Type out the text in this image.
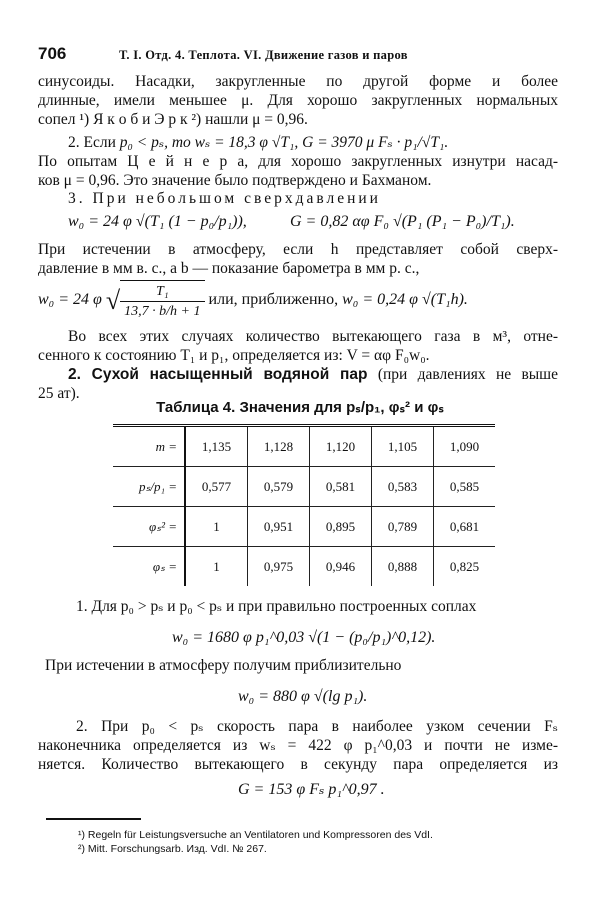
706	Т. I. Отд. 4. Теплота. VI. Движение газов и паров
синусоиды. Насадки, закругленные по другой форме и более
длинные, имели меньшее μ. Для хорошо закругленных нормальных
сопел ¹) Я к о б и Э р к ²) нашли μ = 0,96.
2. Если p₀ < pₛ, то wₛ = 18,3 φ √T₁, G = 3970 μ Fₛ · p₁/√T₁.
По опытам Ц е й н е р а, для хорошо закругленных изнутри насад-
ков μ = 0,96. Это значение было подтверждено и Бахманом.
3. При небольшом сверхдавлении
w₀ = 24 φ √(T₁ (1 − p₀/p₁)),	G = 0,82 αφ F₀ √(P₁ (P₁ − P₀)/T₁).
При истечении в атмосферу, если h представляет собой сверх-
давление в мм в. с., а b — показание барометра в мм р. с.,
w₀ = 24 φ √ $\frac{\text{T₁}}{13,7 \cdot b/h + 1}$ или, приближенно, w₀ = 0,24 φ √(T₁h).
Во всех этих случаях количество вытекающего газа в м³, отне-
сенного к состоянию T₁ и p₁, определяется из: V = αφ F₀w₀.
2. Сухой насыщенный водяной пар (при давлениях не выше
25 ат).
Таблица 4. Значения для pₛ/p₁, φₛ² и φₛ
m =	1,135	1,128	1,120	1,105	1,090
pₛ/p₁ =	0,577	0,579	0,581	0,583	0,585
φₛ² =	1	0,951	0,895	0,789	0,681
φₛ =	1	0,975	0,946	0,888	0,825
1. Для p₀ > pₛ и p₀ < pₛ и при правильно построенных соплах
w₀ = 1680 φ p₁^0,03 √(1 − (p₀/p₁)^0,12).
При истечении в атмосферу получим приблизительно
w₀ = 880 φ √(lg p₁).
2. При p₀ < pₛ скорость пара в наиболее узком сечении Fₛ
наконечника определяется из wₛ = 422 φ p₁^0,03 и почти не изме-
няется. Количество вытекающего в секунду пара определяется из
G = 153 φ Fₛ p₁^0,97 .
¹) Regeln für Leistungsversuche an Ventilatoren und Kompressoren des VdI.
²) Mitt. Forschungsarb. Изд. VdI. № 267.
